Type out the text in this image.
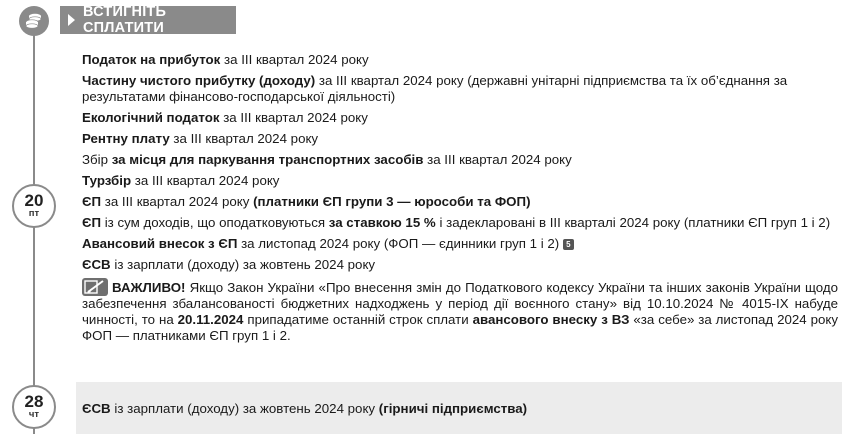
ВСТИГНІТЬ СПЛАТИТИ
20
пт
28
чт
Податок на прибуток за ІІІ квартал 2024 року
Частину чистого прибутку (доходу) за ІІІ квартал 2024 року (державні унітарні підприємства та їх об’єднання за результатами фінансово-господарської діяльності)
Екологічний податок за ІІІ квартал 2024 року
Рентну плату за ІІІ квартал 2024 року
Збір за місця для паркування транспортних засобів за ІІІ квартал 2024 року
Турзбір за ІІІ квартал 2024 року
ЄП за ІІІ квартал 2024 року (платники ЄП групи 3 — юрособи та ФОП)
ЄП із сум доходів, що оподатковуються за ставкою 15 % і задекларовані в ІІІ кварталі 2024 року (платники ЄП груп 1 і 2)
Авансовий внесок з ЄП за листопад 2024 року (ФОП — єдинники груп 1 і 2) 5
ЄСВ із зарплати (доходу) за жовтень 2024 року
ВАЖЛИВО! Якщо Закон України «Про внесення змін до Податкового кодексу України та інших законів України щодо забезпечення збалансованості бюджетних надходжень у період дії воєнного стану» від 10.10.2024 № 4015-IX набуде чинності, то на 20.11.2024 припадатиме останній строк сплати авансового внеску з ВЗ «за себе» за листопад 2024 року ФОП — платниками ЄП груп 1 і 2.
ЄСВ із зарплати (доходу) за жовтень 2024 року (гірничі підприємства)
